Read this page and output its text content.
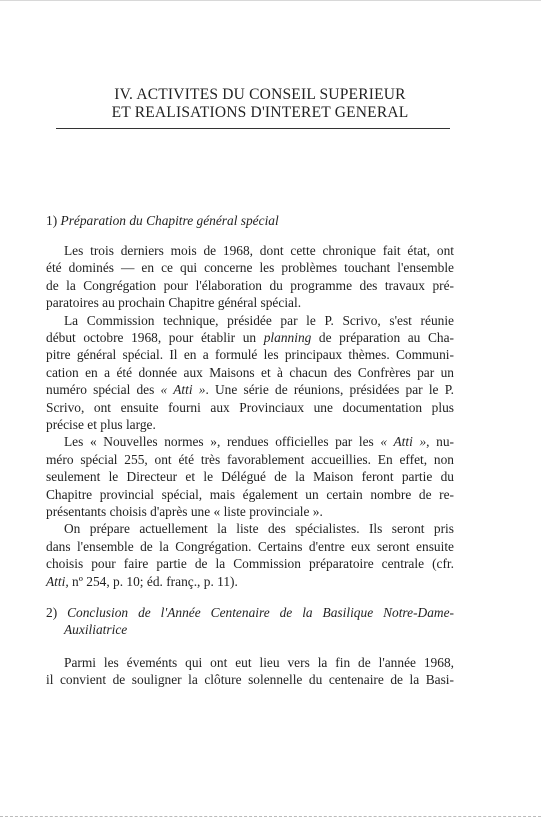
IV. ACTIVITES DU CONSEIL SUPERIEUR
ET REALISATIONS D'INTERET GENERAL
1) Préparation du Chapitre général spécial
Les trois derniers mois de 1968, dont cette chronique fait état, ont
été dominés — en ce qui concerne les problèmes touchant l'ensemble
de la Congrégation pour l'élaboration du programme des travaux pré-
paratoires au prochain Chapitre général spécial.
La Commission technique, présidée par le P. Scrivo, s'est réunie
début octobre 1968, pour établir un planning de préparation au Cha-
pitre général spécial. Il en a formulé les principaux thèmes. Communi-
cation en a été donnée aux Maisons et à chacun des Confrères par un
numéro spécial des « Atti ». Une série de réunions, présidées par le P.
Scrivo, ont ensuite fourni aux Provinciaux une documentation plus
précise et plus large.
Les « Nouvelles normes », rendues officielles par les « Atti », nu-
méro spécial 255, ont été très favorablement accueillies. En effet, non
seulement le Directeur et le Délégué de la Maison feront partie du
Chapitre provincial spécial, mais également un certain nombre de re-
présentants choisis d'après une « liste provinciale ».
On prépare actuellement la liste des spécialistes. Ils seront pris
dans l'ensemble de la Congrégation. Certains d'entre eux seront ensuite
choisis pour faire partie de la Commission préparatoire centrale (cfr.
Atti, nº 254, p. 10; éd. franç., p. 11).
2) Conclusion de l'Année Centenaire de la Basilique Notre-Dame-
Auxiliatrice
Parmi les éveménts qui ont eut lieu vers la fin de l'année 1968,
il convient de souligner la clôture solennelle du centenaire de la Basi-
